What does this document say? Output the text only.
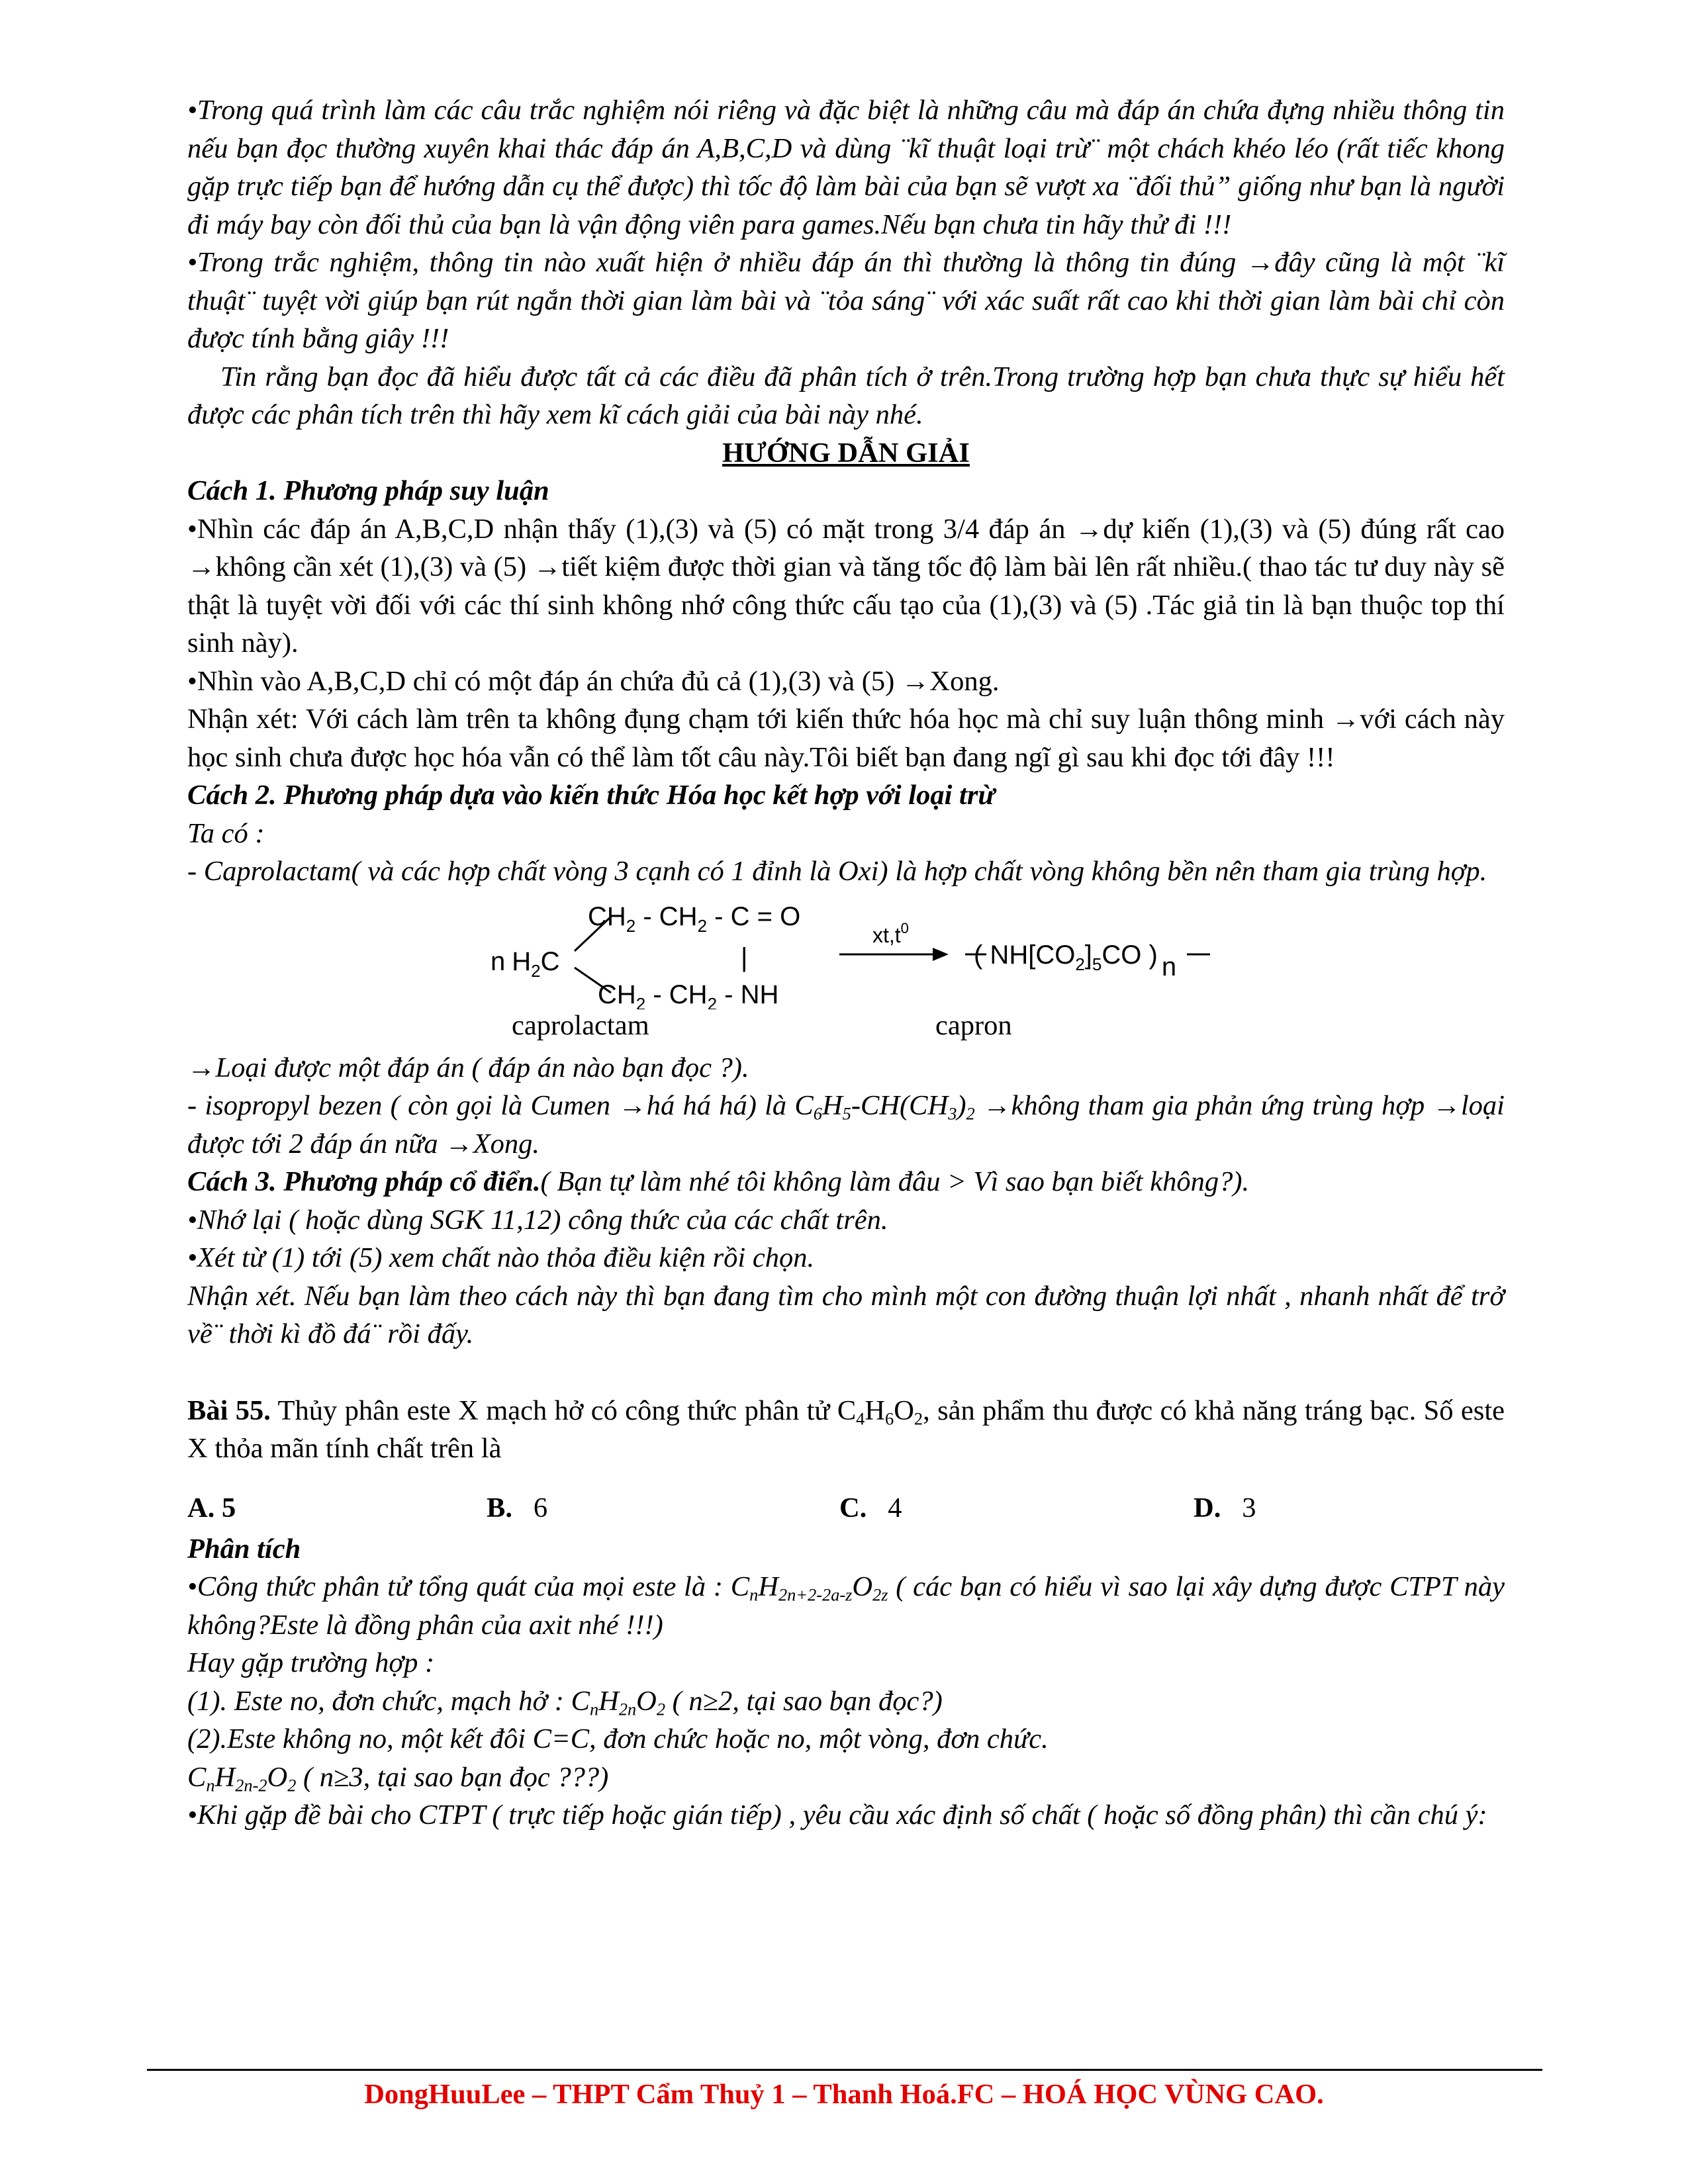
•Trong quá trình làm các câu trắc nghiệm nói riêng và đặc biệt là những câu mà đáp án chứa đựng nhiều thông tin nếu bạn đọc thường xuyên khai thác đáp án A,B,C,D và dùng ¨kĩ thuật loại trừ¨ một chách khéo léo (rất tiếc khong gặp trực tiếp bạn để hướng dẫn cụ thể được) thì tốc độ làm bài của bạn sẽ vượt xa ¨đối thủ” giống như bạn là người đi máy bay còn đối thủ của bạn là vận động viên para games.Nếu bạn chưa tin hãy thử đi !!!

•Trong trắc nghiệm, thông tin nào xuất hiện ở nhiều đáp án thì thường là thông tin đúng →đây cũng là một ¨kĩ thuật¨ tuyệt vời giúp bạn rút ngắn thời gian làm bài và ¨tỏa sáng¨ với xác suất rất cao khi thời gian làm bài chỉ còn được tính bằng giây !!!

Tin rằng bạn đọc đã hiểu được tất cả các điều đã phân tích ở trên.Trong trường hợp bạn chưa thực sự hiểu hết được các phân tích trên thì hãy xem kĩ cách giải của bài này nhé.

HƯỚNG DẪN GIẢI

Cách 1. Phương pháp suy luận

•Nhìn các đáp án A,B,C,D nhận thấy (1),(3) và (5) có mặt trong 3/4 đáp án →dự kiến (1),(3) và (5) đúng rất cao →không cần xét (1),(3) và (5) →tiết kiệm được thời gian và tăng tốc độ làm bài lên rất nhiều.( thao tác tư duy này sẽ thật là tuyệt vời đối với các thí sinh không nhớ công thức cấu tạo của (1),(3) và (5) .Tác giả tin là bạn thuộc top thí sinh này).

•Nhìn vào A,B,C,D chỉ có một đáp án chứa đủ cả (1),(3) và (5) →Xong.

Nhận xét: Với cách làm trên ta không đụng chạm tới kiến thức hóa học mà chỉ suy luận thông minh →với cách này học sinh chưa được học hóa vẫn có thể làm tốt câu này.Tôi biết bạn đang ngĩ gì sau khi đọc tới đây !!!

Cách 2. Phương pháp dựa vào kiến thức Hóa học kết hợp với loại trừ

Ta có :

- Caprolactam( và các hợp chất vòng 3 cạnh có 1 đỉnh là Oxi) là hợp chất vòng không bền nên tham gia trùng hợp.

n $H_2C$
$CH_2 - CH_2 - C = O$
|
$CH_2 - CH_2$ - NH
$xt,t^0$
( $NH[CO_2]_5CO$ ) n
caprolactam	capron

→Loại được một đáp án ( đáp án nào bạn đọc ?).

- isopropyl bezen ( còn gọi là Cumen →há há há) là $C_6H_5-CH(CH_3)_2$ →không tham gia phản ứng trùng hợp →loại được tới 2 đáp án nữa →Xong.

Cách 3. Phương pháp cổ điển.( Bạn tự làm nhé tôi không làm đâu > Vì sao bạn biết không?).

•Nhớ lại ( hoặc dùng SGK 11,12) công thức của các chất trên.

•Xét từ (1) tới (5) xem chất nào thỏa điều kiện rồi chọn.

Nhận xét. Nếu bạn làm theo cách này thì bạn đang tìm cho mình một con đường thuận lợi nhất , nhanh nhất để trở về¨ thời kì đồ đá¨ rồi đấy.

Bài 55. Thủy phân este X mạch hở có công thức phân tử $C_4H_6O_2$, sản phẩm thu được có khả năng tráng bạc. Số este X thỏa mãn tính chất trên là

A. 5	B. 6	C. 4	D. 3

Phân tích

•Công thức phân tử tổng quát của mọi este là : $C_nH_{2n+2-2a-z}O_{2z}$ ( các bạn có hiểu vì sao lại xây dựng được CTPT này không?Este là đồng phân của axit nhé !!!)

Hay gặp trường hợp :

(1). Este no, đơn chức, mạch hở : $C_nH_{2n}O_2$ ( n≥2, tại sao bạn đọc?)

(2).Este không no, một kết đôi C=C, đơn chức hoặc no, một vòng, đơn chức.

$C_nH_{2n-2}O_2$ ( n≥3, tại sao bạn đọc ???)

•Khi gặp đề bài cho CTPT ( trực tiếp hoặc gián tiếp) , yêu cầu xác định số chất ( hoặc số đồng phân) thì cần chú ý:

DongHuuLee – THPT Cẩm Thuỷ 1 – Thanh Hoá.FC – HOÁ HỌC VÙNG CAO.
